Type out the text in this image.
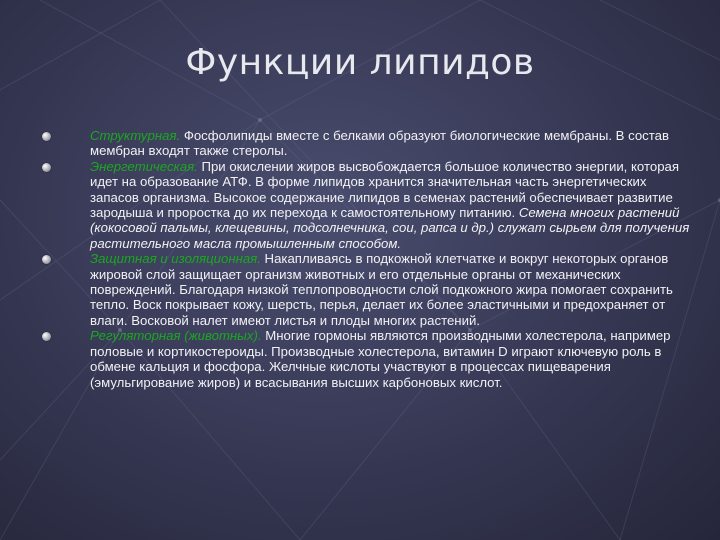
Функции липидов
Структурная. Фосфолипиды вместе с белками образуют биологические мембраны. В состав мембран входят также стеролы.
Энергетическая. При окислении жиров высвобождается большое количество энергии, которая идет на образование АТФ. В форме липидов хранится значительная часть энергетических запасов организма. Высокое содержание липидов в семенах растений обеспечивает развитие зародыша и проростка до их перехода к самостоятельному питанию. Семена многих растений (кокосовой пальмы, клещевины, подсолнечника, сои, рапса и др.) служат сырьем для получения растительного масла промышленным способом.
Защитная и изоляционная. Накапливаясь в подкожной клетчатке и вокруг некоторых органов жировой слой защищает организм животных и его отдельные органы от механических повреждений. Благодаря низкой теплопроводности слой подкожного жира помогает сохранить тепло. Воск покрывает кожу, шерсть, перья, делает их более эластичными и предохраняет от влаги. Восковой налет имеют листья и плоды многих растений.
Регуляторная (животных). Многие гормоны являются производными холестерола, например половые и кортикостероиды. Производные холестерола, витамин D играют ключевую роль в обмене кальция и фосфора. Желчные кислоты участвуют в процессах пищеварения (эмульгирование жиров) и всасывания высших карбоновых кислот.
